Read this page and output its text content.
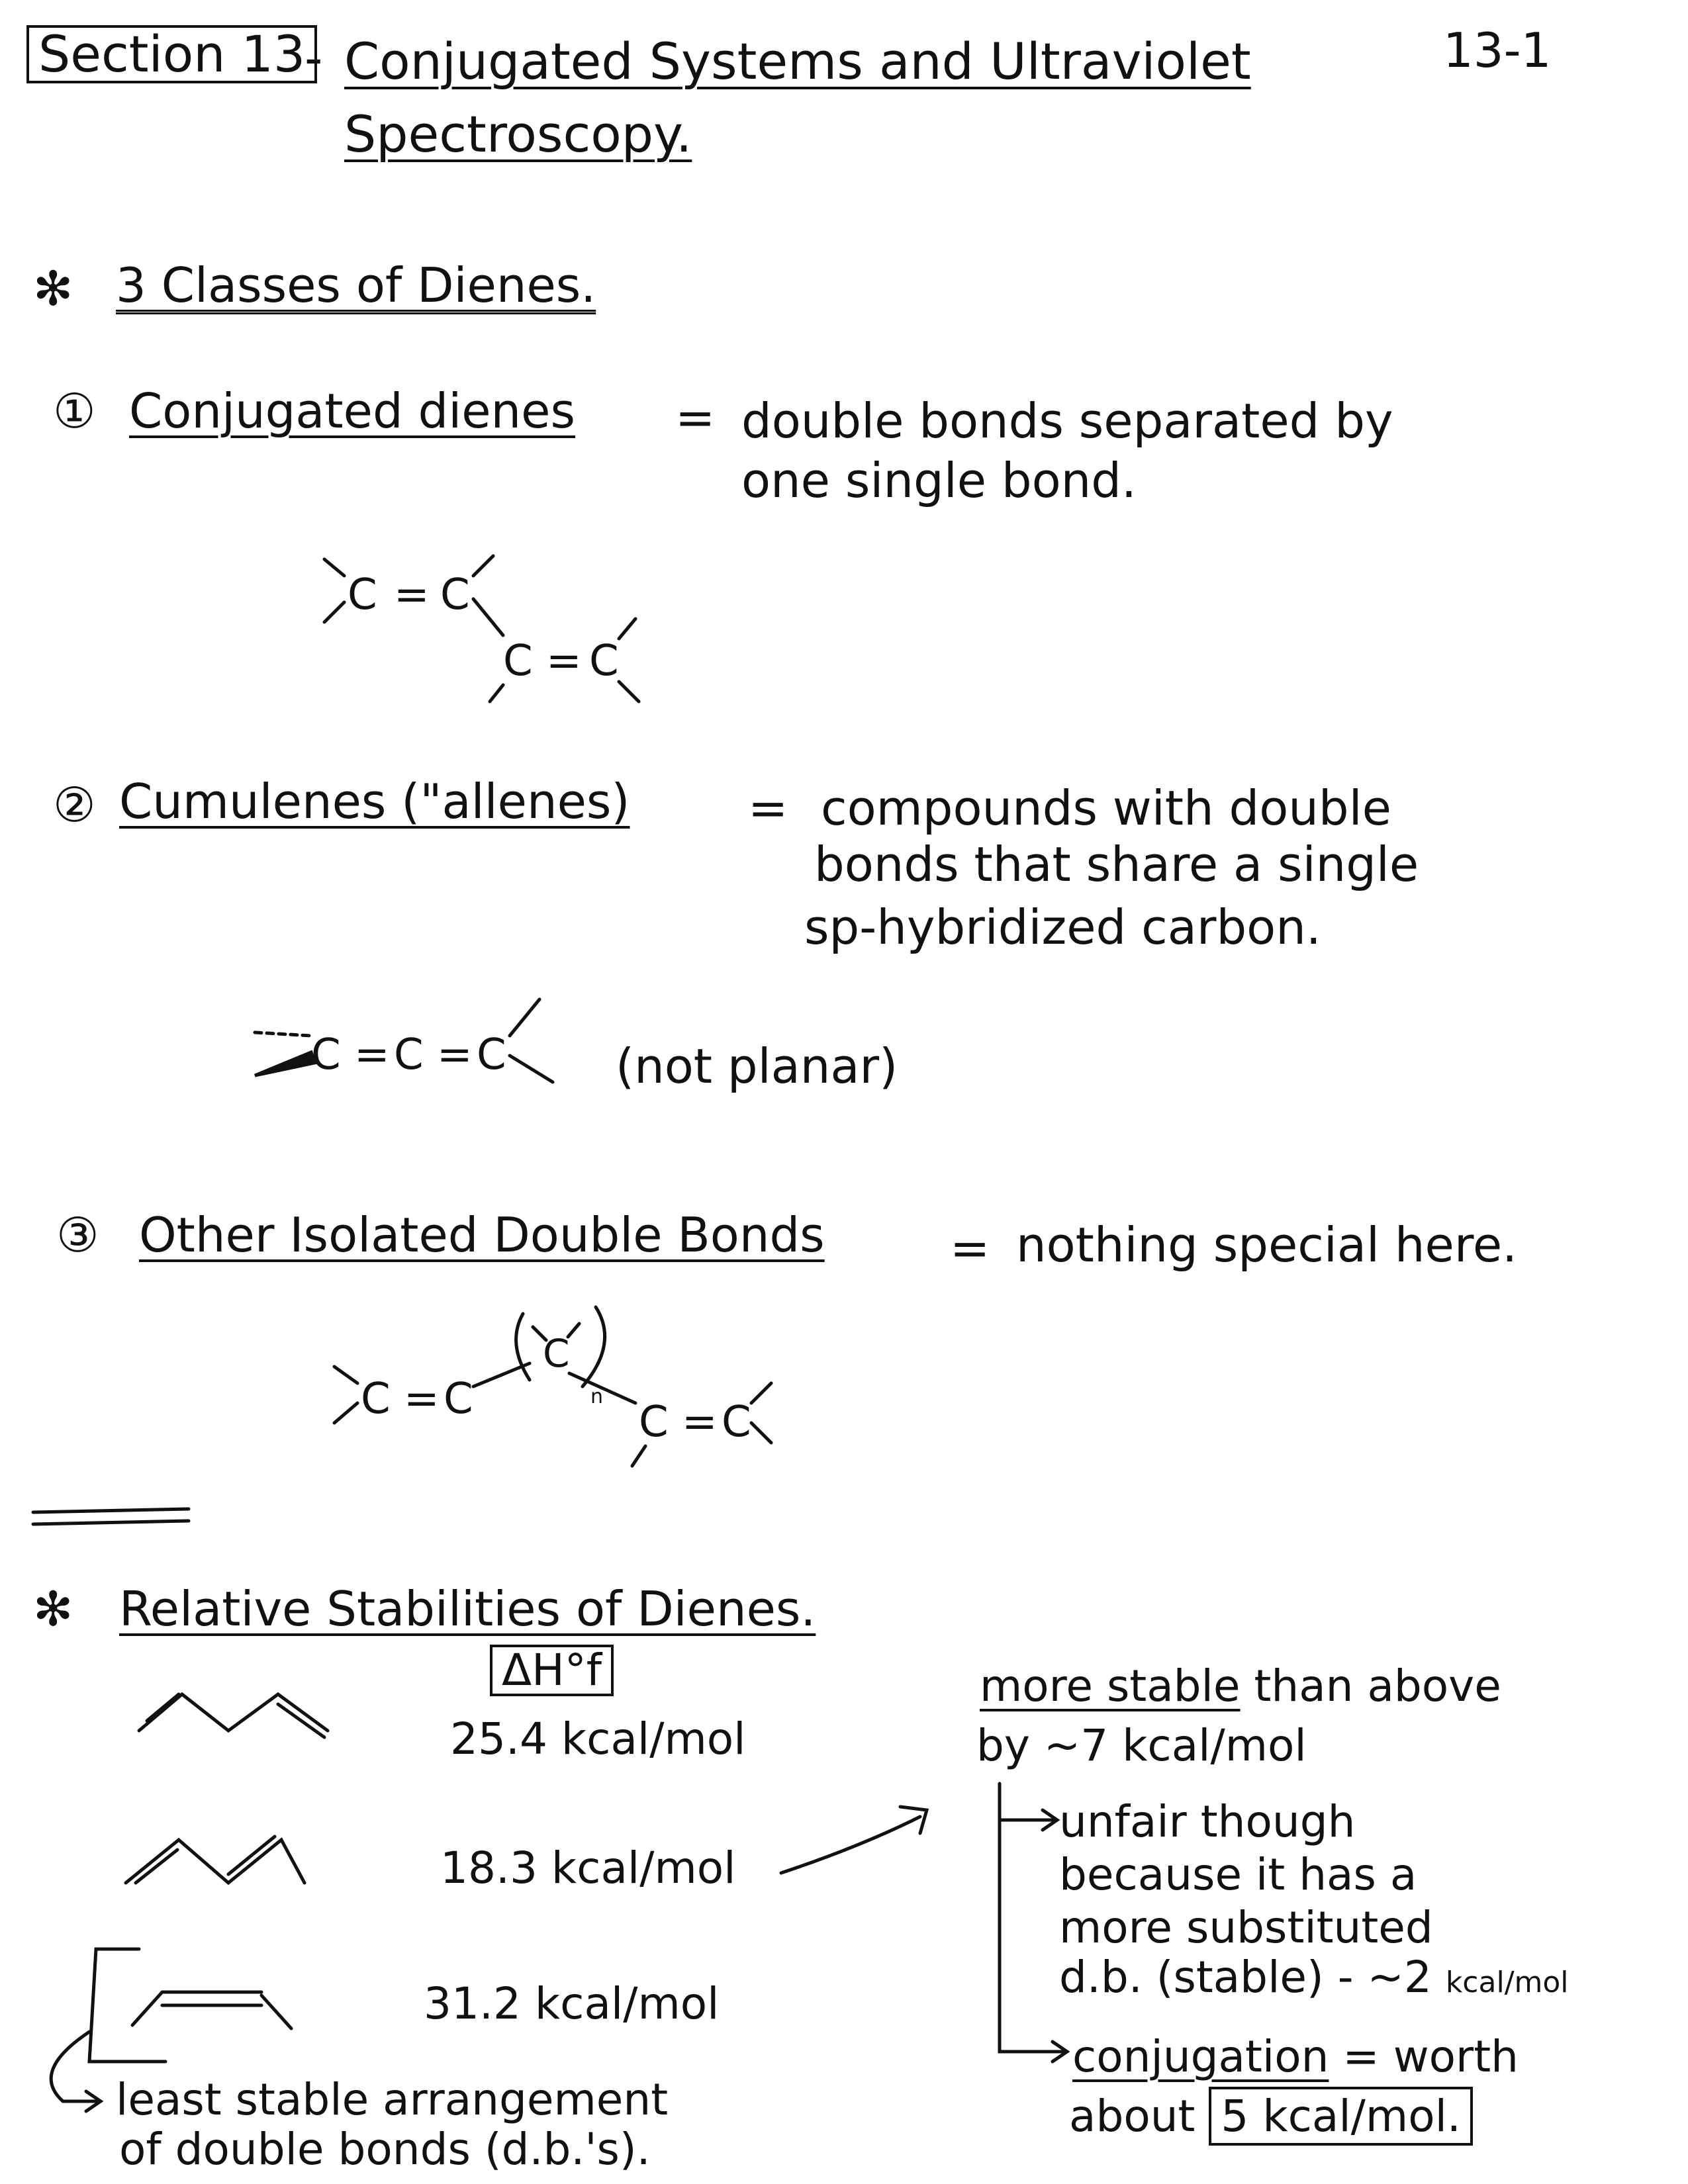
Section 13
- Conjugated Systems and Ultraviolet
Spectroscopy.
13-1
✻ 3 Classes of Dienes.
① Conjugated dienes = double bonds separated by
one single bond.
② Cumulenes ("allenes) = compounds with double
bonds that share a single
sp-hybridized carbon.
(not planar)
③ Other Isolated Double Bonds	= nothing special here.
✻ Relative Stabilities of Dienes.
ΔH°f
25.4 kcal/mol
18.3 kcal/mol
31.2 kcal/mol
more stable than above
by ~7 kcal/mol
unfair though
because it has a
more substituted
d.b. (stable) - ~2 kcal/mol
conjugation = worth
about 5 kcal/mol.
least stable arrangement
of double bonds (d.b.'s).
C = C
C = C
C = C = C
C = C
C
n
C = C
